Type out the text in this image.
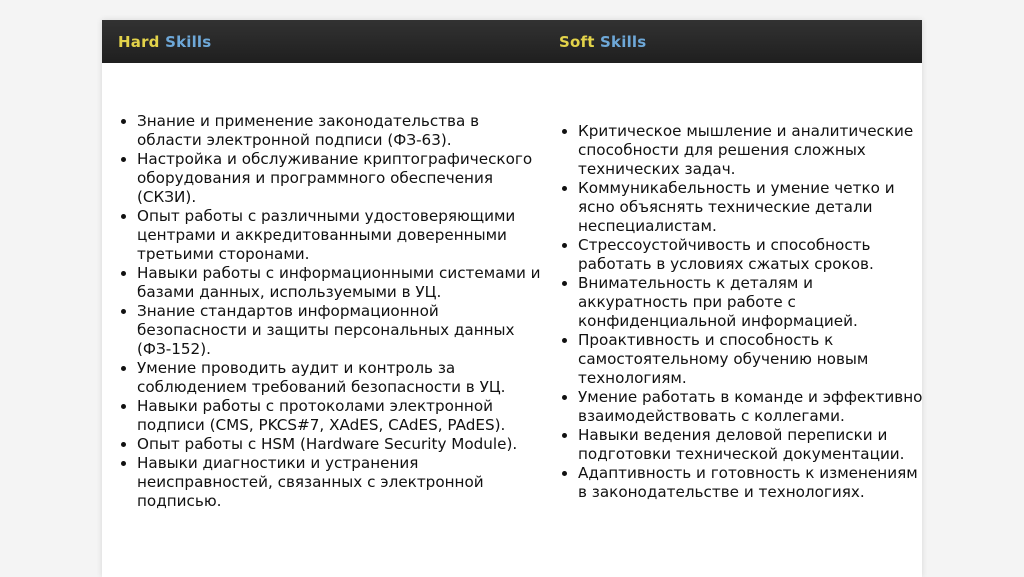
Hard Skills	Soft Skills
• Знание и применение законодательства в области электронной подписи (ФЗ-63).
• Настройка и обслуживание криптографического оборудования и программного обеспечения (СКЗИ).
• Опыт работы с различными удостоверяющими центрами и аккредитованными доверенными третьими сторонами.
• Навыки работы с информационными системами и базами данных, используемыми в УЦ.
• Знание стандартов информационной безопасности и защиты персональных данных (ФЗ-152).
• Умение проводить аудит и контроль за соблюдением требований безопасности в УЦ.
• Навыки работы с протоколами электронной подписи (CMS, PKCS#7, XAdES, CAdES, PAdES).
• Опыт работы с HSM (Hardware Security Module).
• Навыки диагностики и устранения неисправностей, связанных с электронной подписью.
• Критическое мышление и аналитические способности для решения сложных технических задач.
• Коммуникабельность и умение четко и ясно объяснять технические детали неспециалистам.
• Стрессоустойчивость и способность работать в условиях сжатых сроков.
• Внимательность к деталям и аккуратность при работе с конфиденциальной информацией.
• Проактивность и способность к самостоятельному обучению новым технологиям.
• Умение работать в команде и эффективно взаимодействовать с коллегами.
• Навыки ведения деловой переписки и подготовки технической документации.
• Адаптивность и готовность к изменениям в законодательстве и технологиях.
